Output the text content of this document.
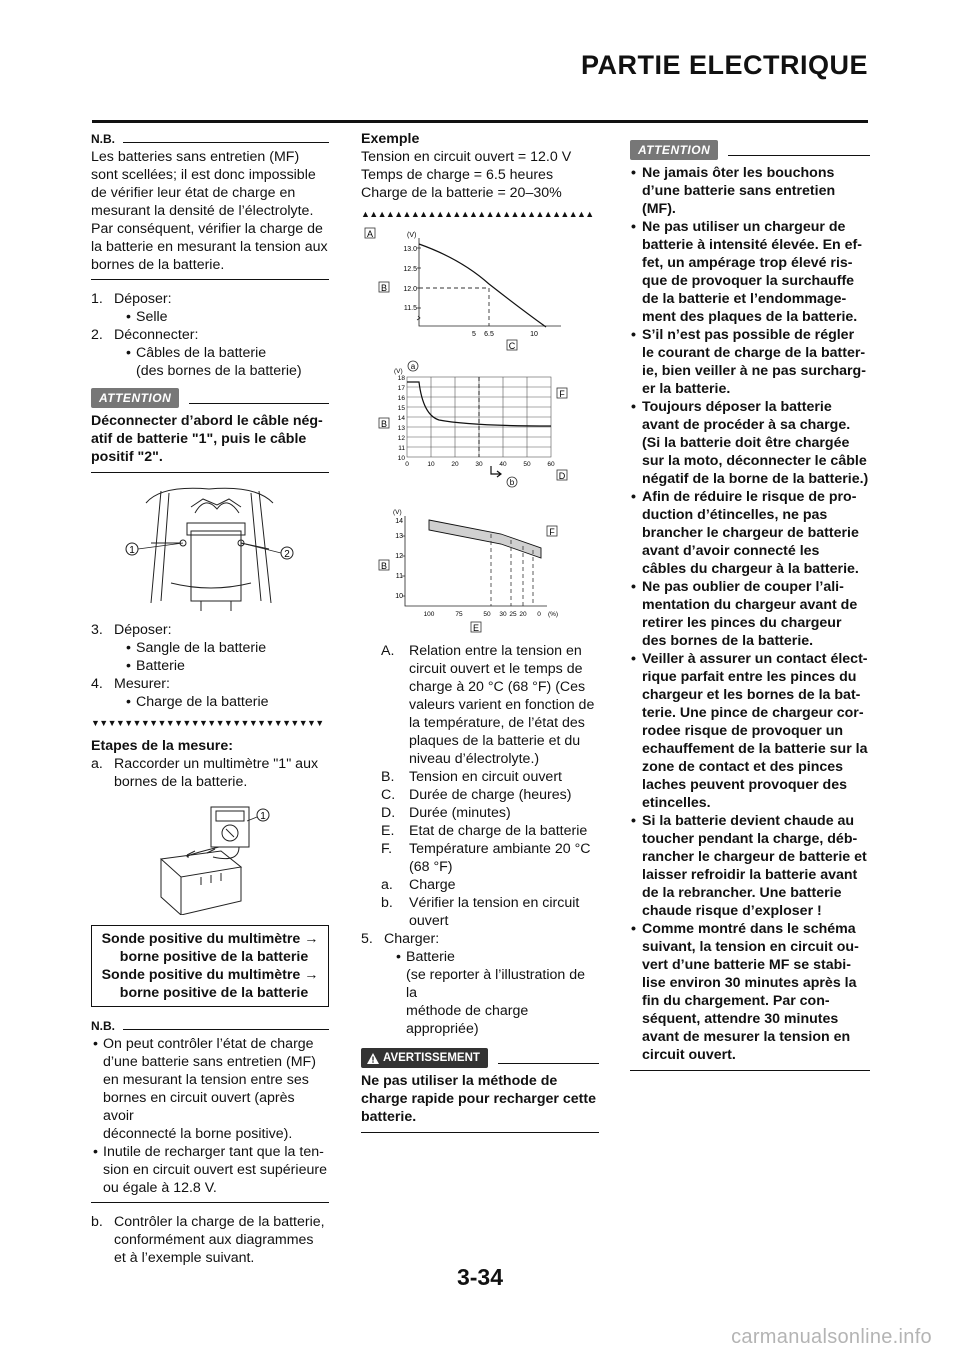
PARTIE ELECTRIQUE
N.B.
Les batteries sans entretien (MF)
sont scellées; il est donc impossible
de vérifier leur état de charge en
mesurant la densité de l’électrolyte.
Par conséquent, vérifier la charge de
la batterie en mesurant la tension aux
bornes de la batterie.
1. Déposer:
• Selle
2. Déconnecter:
• Câbles de la batterie
(des bornes de la batterie)
ATTENTION
Déconnecter d’abord le câble nég-
atif de batterie "1", puis le câble
positif "2".
1	2
3. Déposer:
• Sangle de la batterie
• Batterie
4. Mesurer:
• Charge de la batterie
▼▼▼▼▼▼▼▼▼▼▼▼▼▼▼▼▼▼▼▼▼▼▼▼▼▼▼▼
Etapes de la mesure:
a. Raccorder un multimètre "1" aux
bornes de la batterie.
1
Sonde positive du multimètre →
borne positive de la batterie
Sonde positive du multimètre →
borne positive de la batterie
N.B.
• On peut contrôler l’état de charge
d’une batterie sans entretien (MF)
en mesurant la tension entre ses
bornes en circuit ouvert (après avoir
déconnecté la borne positive).
• Inutile de recharger tant que la ten-
sion en circuit ouvert est supérieure
ou égale à 12.8 V.
b. Contrôler la charge de la batterie,
conformément aux diagrammes
et à l’exemple suivant.
Exemple
Tension en circuit ouvert = 12.0 V
Temps de charge = 6.5 heures
Charge de la batterie = 20–30%
▲▲▲▲▲▲▲▲▲▲▲▲▲▲▲▲▲▲▲▲▲▲▲▲▲▲▲▲
A
B
C
(V)
13.0
12.5
12.0
11.5
5 6.5	10
B
F
D
a
b
(V)
18
17
16
15
14
13
12
11
10
0	10	20	30	40	50	60
B
F
E
(V)
14
13
12
11
10
100	75	50 30 25 20 0 (%)
A. Relation entre la tension en
circuit ouvert et le temps de
charge à 20 °C (68 °F) (Ces
valeurs varient en fonction de
la température, de l’état des
plaques de la batterie et du
niveau d’électrolyte.)
B. Tension en circuit ouvert
C. Durée de charge (heures)
D. Durée (minutes)
E. Etat de charge de la batterie
F. Température ambiante 20 °C
(68 °F)
a. Charge
b. Vérifier la tension en circuit
ouvert
5. Charger:
• Batterie
(se reporter à l’illustration de la
méthode de charge appropriée)
AVERTISSEMENT
Ne pas utiliser la méthode de
charge rapide pour recharger cette
batterie.
ATTENTION
• Ne jamais ôter les bouchons
d’une batterie sans entretien
(MF).
• Ne pas utiliser un chargeur de
batterie à intensité élevée. En ef-
fet, un ampérage trop élevé ris-
que de provoquer la surchauffe
de la batterie et l’endommage-
ment des plaques de la batterie.
• S’il n’est pas possible de régler
le courant de charge de la batter-
ie, bien veiller à ne pas surcharg-
er la batterie.
• Toujours déposer la batterie
avant de procéder à sa charge.
(Si la batterie doit être chargée
sur la moto, déconnecter le câble
négatif de la borne de la batterie.)
• Afin de réduire le risque de pro-
duction d’étincelles, ne pas
brancher le chargeur de batterie
avant d’avoir connecté les
câbles du chargeur à la batterie.
• Ne pas oublier de couper l’ali-
mentation du chargeur avant de
retirer les pinces du chargeur
des bornes de la batterie.
• Veiller à assurer un contact élect-
rique parfait entre les pinces du
chargeur et les bornes de la bat-
terie. Une pince de chargeur cor-
rodee risque de provoquer un
echauffement de la batterie sur la
zone de contact et des pinces
laches peuvent provoquer des
etincelles.
• Si la batterie devient chaude au
toucher pendant la charge, déb-
rancher le chargeur de batterie et
laisser refroidir la batterie avant
de la rebrancher. Une batterie
chaude risque d’exploser !
• Comme montré dans le schéma
suivant, la tension en circuit ou-
vert d’une batterie MF se stabi-
lise environ 30 minutes après la
fin du chargement. Par con-
séquent, attendre 30 minutes
avant de mesurer la tension en
circuit ouvert.
3-34
carmanualsonline.info
